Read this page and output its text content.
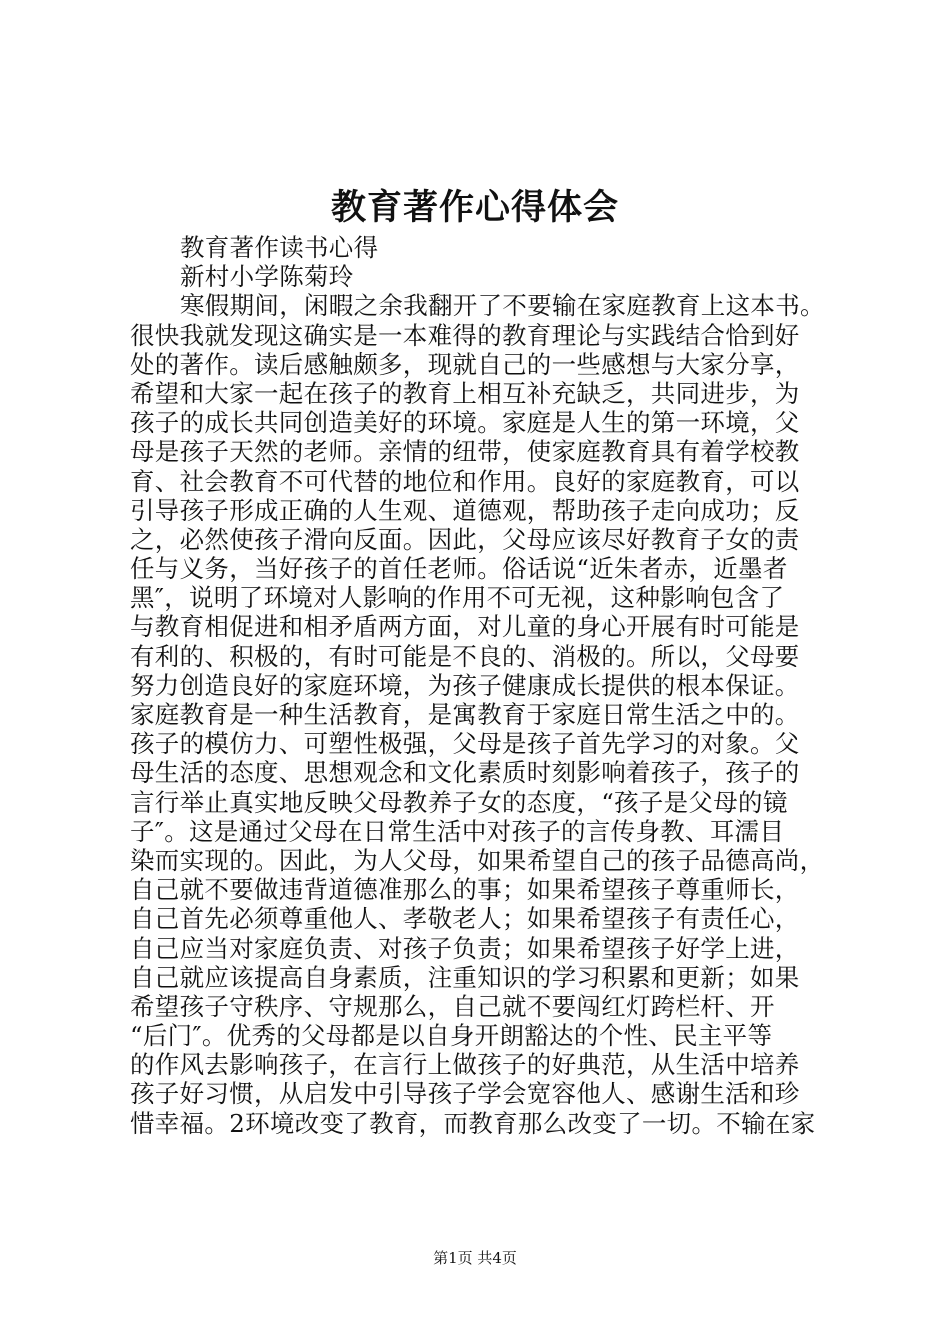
教育著作心得体会
教育著作读书心得
新村小学陈菊玲
寒假期间，闲暇之余我翻开了不要输在家庭教育上这本书。
很快我就发现这确实是一本难得的教育理论与实践结合恰到好
处的著作。读后感触颇多，现就自己的一些感想与大家分享，
希望和大家一起在孩子的教育上相互补充缺乏，共同进步，为
孩子的成长共同创造美好的环境。家庭是人生的第一环境，父
母是孩子天然的老师。亲情的纽带，使家庭教育具有着学校教
育、社会教育不可代替的地位和作用。良好的家庭教育，可以
引导孩子形成正确的人生观、道德观，帮助孩子走向成功；反
之，必然使孩子滑向反面。因此，父母应该尽好教育子女的责
任与义务，当好孩子的首任老师。俗话说“近朱者赤，近墨者
黑″，说明了环境对人影响的作用不可无视，这种影响包含了
与教育相促进和相矛盾两方面，对儿童的身心开展有时可能是
有利的、积极的，有时可能是不良的、消极的。所以，父母要
努力创造良好的家庭环境，为孩子健康成长提供的根本保证。
家庭教育是一种生活教育，是寓教育于家庭日常生活之中的。
孩子的模仿力、可塑性极强，父母是孩子首先学习的对象。父
母生活的态度、思想观念和文化素质时刻影响着孩子，孩子的
言行举止真实地反映父母教养子女的态度，“孩子是父母的镜
子″。这是通过父母在日常生活中对孩子的言传身教、耳濡目
染而实现的。因此，为人父母，如果希望自己的孩子品德高尚，
自己就不要做违背道德准那么的事；如果希望孩子尊重师长，
自己首先必须尊重他人、孝敬老人；如果希望孩子有责任心，
自己应当对家庭负责、对孩子负责；如果希望孩子好学上进，
自己就应该提高自身素质，注重知识的学习积累和更新；如果
希望孩子守秩序、守规那么，自己就不要闯红灯跨栏杆、开
“后门″。优秀的父母都是以自身开朗豁达的个性、民主平等
的作风去影响孩子，在言行上做孩子的好典范，从生活中培养
孩子好习惯，从启发中引导孩子学会宽容他人、感谢生活和珍
惜幸福。2环境改变了教育，而教育那么改变了一切。不输在家
第1页 共4页
